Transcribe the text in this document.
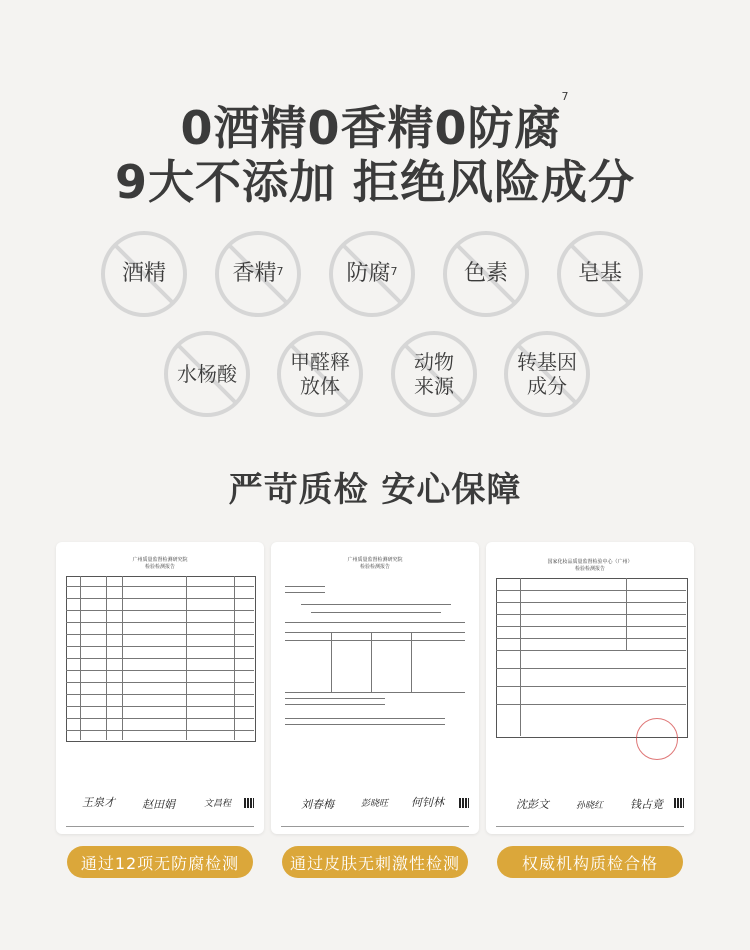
0酒精0香精0防腐$^7$
9大不添加 拒绝风险成分
酒精	香精 7	防腐 7	色素	皂基
水杨酸	甲醛释
放体
动物
来源
转基因
成分
严苛质检 安心保障
广州质量监督检测研究院
检验检测报告
王泉才 赵田娟	文昌程
广州质量监督检测研究院
检验检测报告
刘春梅	彭晓旺 何钊林
国家化妆品质量监督检验中心（广州）
检验检测报告
沈彭文	孙晓红 钱占竟
通过12项无防腐检测	通过皮肤无刺激性检测	权威机构质检合格
